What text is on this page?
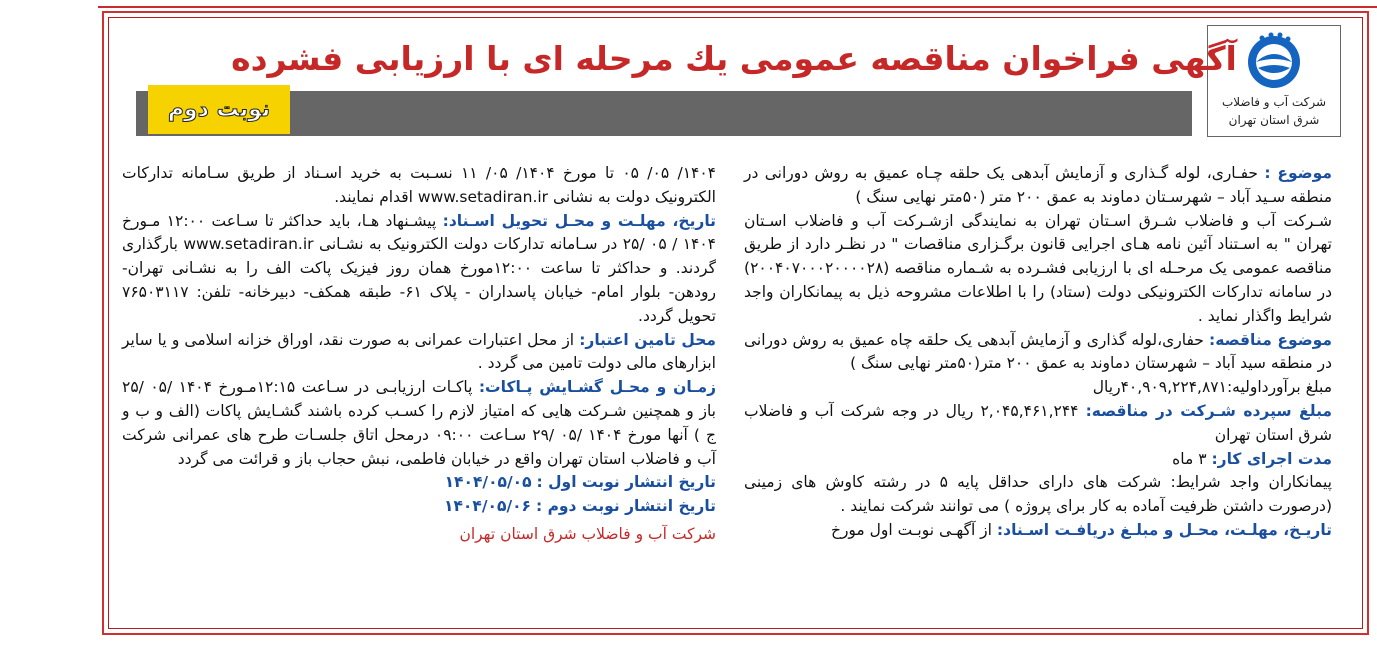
شرکت آب و فاضلاب
شرق استان تهران
آگهی فراخوان مناقصه عمومی یك مرحله ای با ارزیابی فشرده
نوبت دوم

موضوع : حفـاری، لوله گـذاری و آزمایش آبدهی یک حلقه چـاه عمیق به روش دورانی در منطقه سـید آباد – شهرسـتان دماوند به عمق ۲۰۰ متر (۵۰متر نهایی سنگ )

شـرکت آب و فاضلاب شـرق اسـتان تهران به نمایندگی ازشـرکت آب و فاضلاب اسـتان تهران " به اسـتناد آئین نامه هـای اجرایی قانون برگـزاری مناقصات " در نظـر دارد از طریق مناقصه عمومی یک مرحـله ای با ارزیابی فشـرده به شـماره مناقصه (۲۰۰۴۰۷۰۰۰۲۰۰۰۰۲۸) در سامانه تدارکات الکترونیکی دولت (ستاد) را با اطلاعات مشروحه ذیل به پیمانکاران واجد شرایط واگذار نماید .

موضوع مناقصه: حفاری،لوله گذاری و آزمایش آبدهی یک حلقه چاه عمیق به روش دورانی در منطقه سید آباد – شهرستان دماوند به عمق ۲۰۰ متر(۵۰متر نهایی سنگ )

مبلغ برآورداولیه:۴۰,۹۰۹,۲۲۴,۸۷۱ریال

مبلغ سپرده شـرکت در مناقصه: ۲,۰۴۵,۴۶۱,۲۴۴ ریال در وجه شرکت آب و فاضلاب شرق استان تهران

مدت اجرای کار: ۳ ماه

پیمانکاران واجد شرایط: شرکت های دارای حداقل پایه ۵ در رشته کاوش های زمینی (درصورت داشتن ظرفیت آماده به کار برای پروژه ) می توانند شرکت نمایند .

تاریـخ، مهلـت، محـل و مبلـغ دریافـت اسـناد: از آگهـی نوبـت اول مورخ

۱۴۰۴/ ۰۵/ ۰۵ تا مورخ ۱۴۰۴/ ۰۵/ ۱۱ نسـبت به خرید اسـناد از طریق سـامانه تدارکات الکترونیک دولت به نشانی www.setadiran.ir اقدام نمایند.

تاریخ، مهلـت و محـل تحویل اسـناد: پیشـنهاد هـا، باید حداکثر تا سـاعت ۱۲:۰۰ مـورخ ۱۴۰۴ / ۰۵ /۲۵ در سـامانه تدارکات دولت الکترونیک به نشـانی www.setadiran.ir بارگذاری گردند. و حداکثر تا ساعت ۱۲:۰۰مورخ همان روز فیزیک پاکت الف را به نشـانی تهران- رودهن- بلوار امام- خیابان پاسداران - پلاک ۶۱- طبقه همکف- دبیرخانه- تلفن: ۷۶۵۰۳۱۱۷ تحویل گردد.

محل تامین اعتبار: از محل اعتبارات عمرانی به صورت نقد، اوراق خزانه اسلامی و یا سایر ابزارهای مالی دولت تامین می گردد .

زمـان و محـل گشـایش پـاکات: پاکـات ارزیابـی در سـاعت ۱۲:۱۵مـورخ ۱۴۰۴ /۰۵ /۲۵ باز و همچنین شـرکت هایی که امتیاز لازم را کسـب کرده باشند گشـایش پاکات (الف و ب و ج ) آنها مورخ ۱۴۰۴ /۰۵ /۲۹ سـاعت ۰۹:۰۰ درمحل اتاق جلسـات طرح های عمرانی شرکت آب و فاضلاب استان تهران واقع در خیابان فاطمی، نبش حجاب باز و قرائت می گردد

تاریخ انتشار نوبت اول : ۱۴۰۴/۰۵/۰۵

تاریخ انتشار نوبت دوم : ۱۴۰۴/۰۵/۰۶

شرکت آب و فاضلاب شرق استان تهران
